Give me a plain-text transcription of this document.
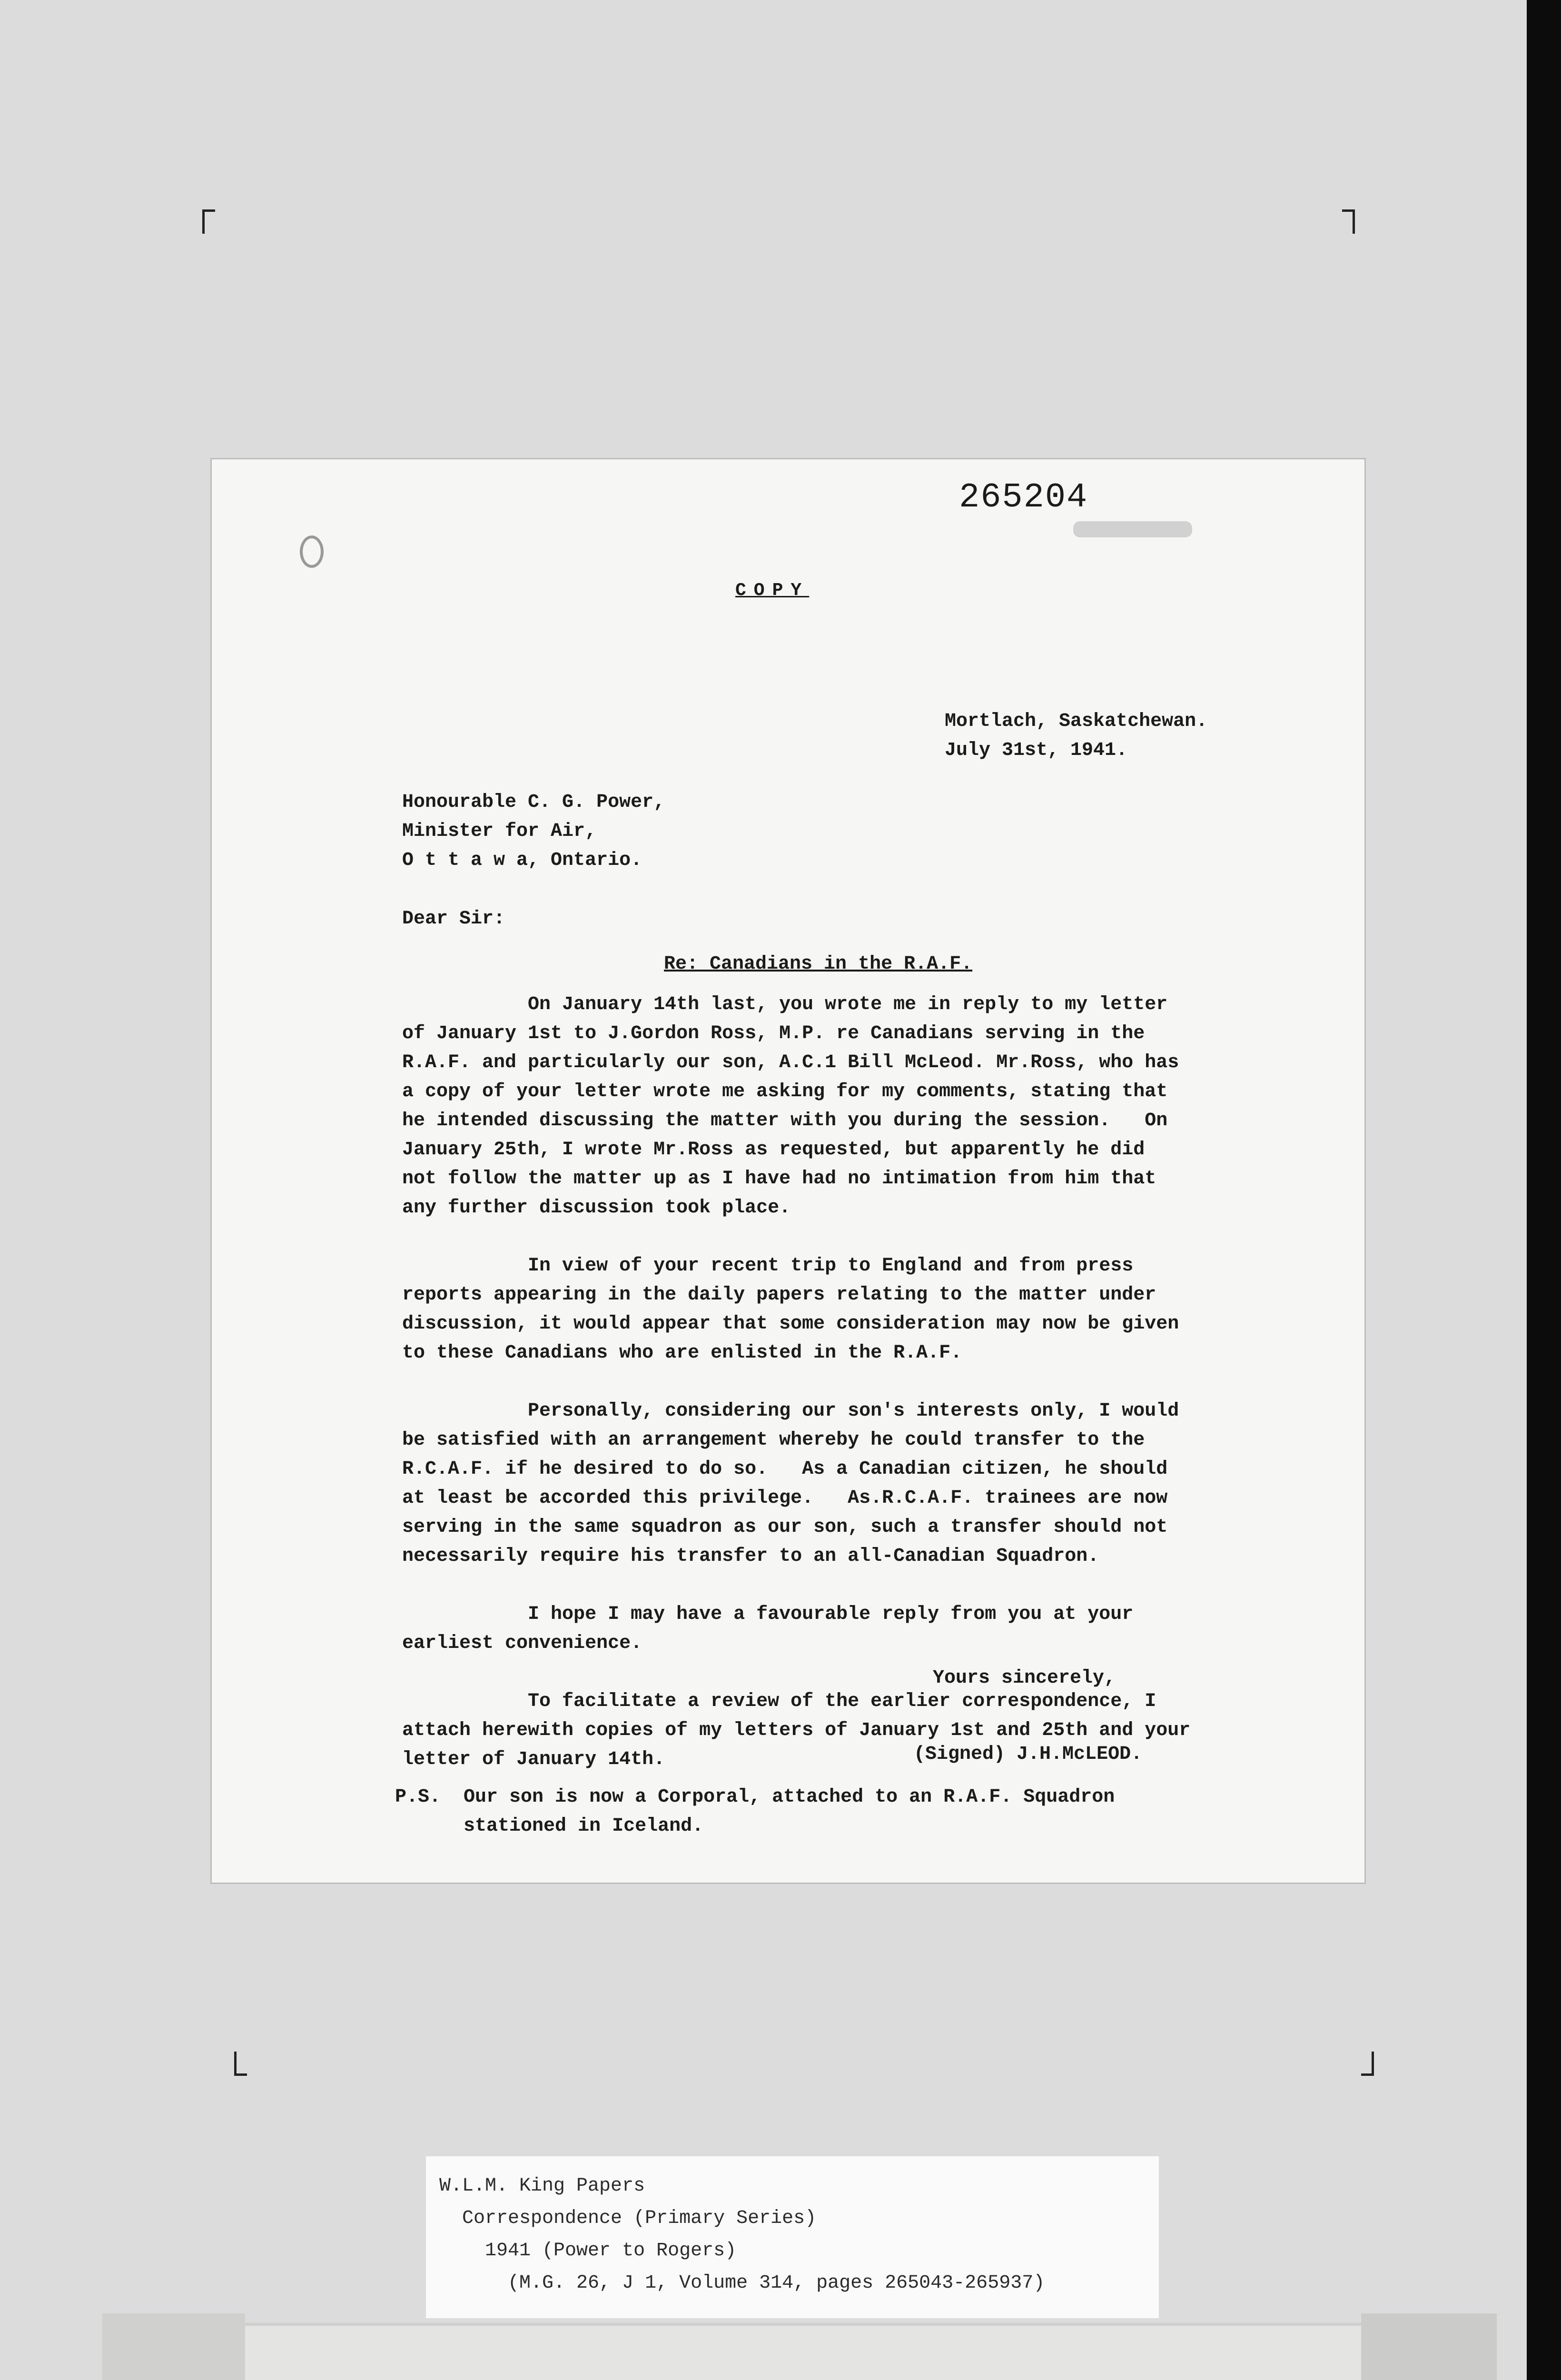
265204
COPY
Mortlach, Saskatchewan.
July 31st, 1941.
Honourable C. G. Power,
Minister for Air,
O t t a w a, Ontario.
Dear Sir:
Re: Canadians in the R.A.F.
On January 14th last, you wrote me in reply to my letter
of January 1st to J.Gordon Ross, M.P. re Canadians serving in the
R.A.F. and particularly our son, A.C.1 Bill McLeod. Mr.Ross, who has
a copy of your letter wrote me asking for my comments, stating that
he intended discussing the matter with you during the session.   On
January 25th, I wrote Mr.Ross as requested, but apparently he did
not follow the matter up as I have had no intimation from him that
any further discussion took place.

In view of your recent trip to England and from press
reports appearing in the daily papers relating to the matter under
discussion, it would appear that some consideration may now be given
to these Canadians who are enlisted in the R.A.F.

Personally, considering our son's interests only, I would
be satisfied with an arrangement whereby he could transfer to the
R.C.A.F. if he desired to do so.   As a Canadian citizen, he should
at least be accorded this privilege.   As.R.C.A.F. trainees are now
serving in the same squadron as our son, such a transfer should not
necessarily require his transfer to an all-Canadian Squadron.

I hope I may have a favourable reply from you at your
earliest convenience.

To facilitate a review of the earlier correspondence, I
attach herewith copies of my letters of January 1st and 25th and your
letter of January 14th.
Yours sincerely,
(Signed) J.H.McLEOD.
P.S.  Our son is now a Corporal, attached to an R.A.F. Squadron
stationed in Iceland.
W.L.M. King Papers
Correspondence (Primary Series)
1941 (Power to Rogers)
(M.G. 26, J 1, Volume 314, pages 265043-265937)
